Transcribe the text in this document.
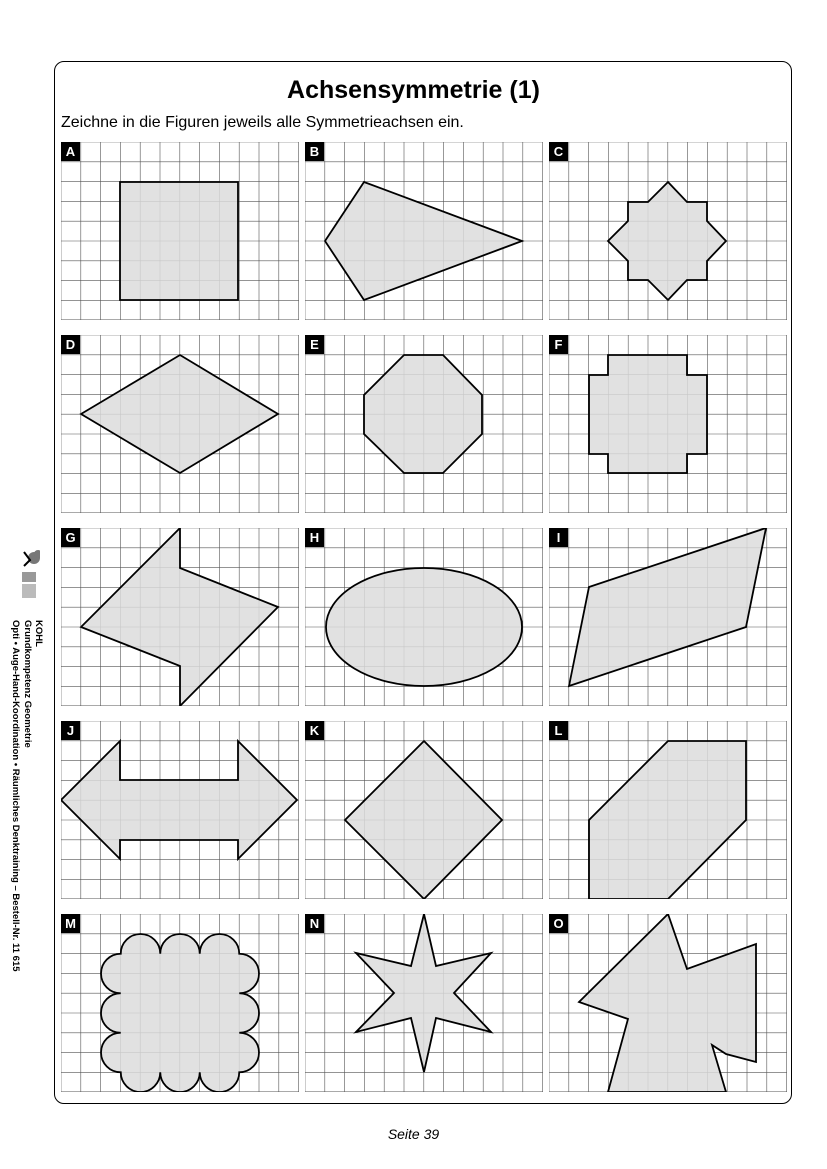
Achsensymmetrie (1)
Zeichne in die Figuren jeweils alle Symmetrieachsen ein.
A	B	C
D	E	F
G	H	I
J	K	L
M	N	O
KOHL
Grundkompetenz Geometrie
Opti • Auge-Hand-Koordination • Räumliches Denktraining – Bestell-Nr. 11 615
Seite 39
